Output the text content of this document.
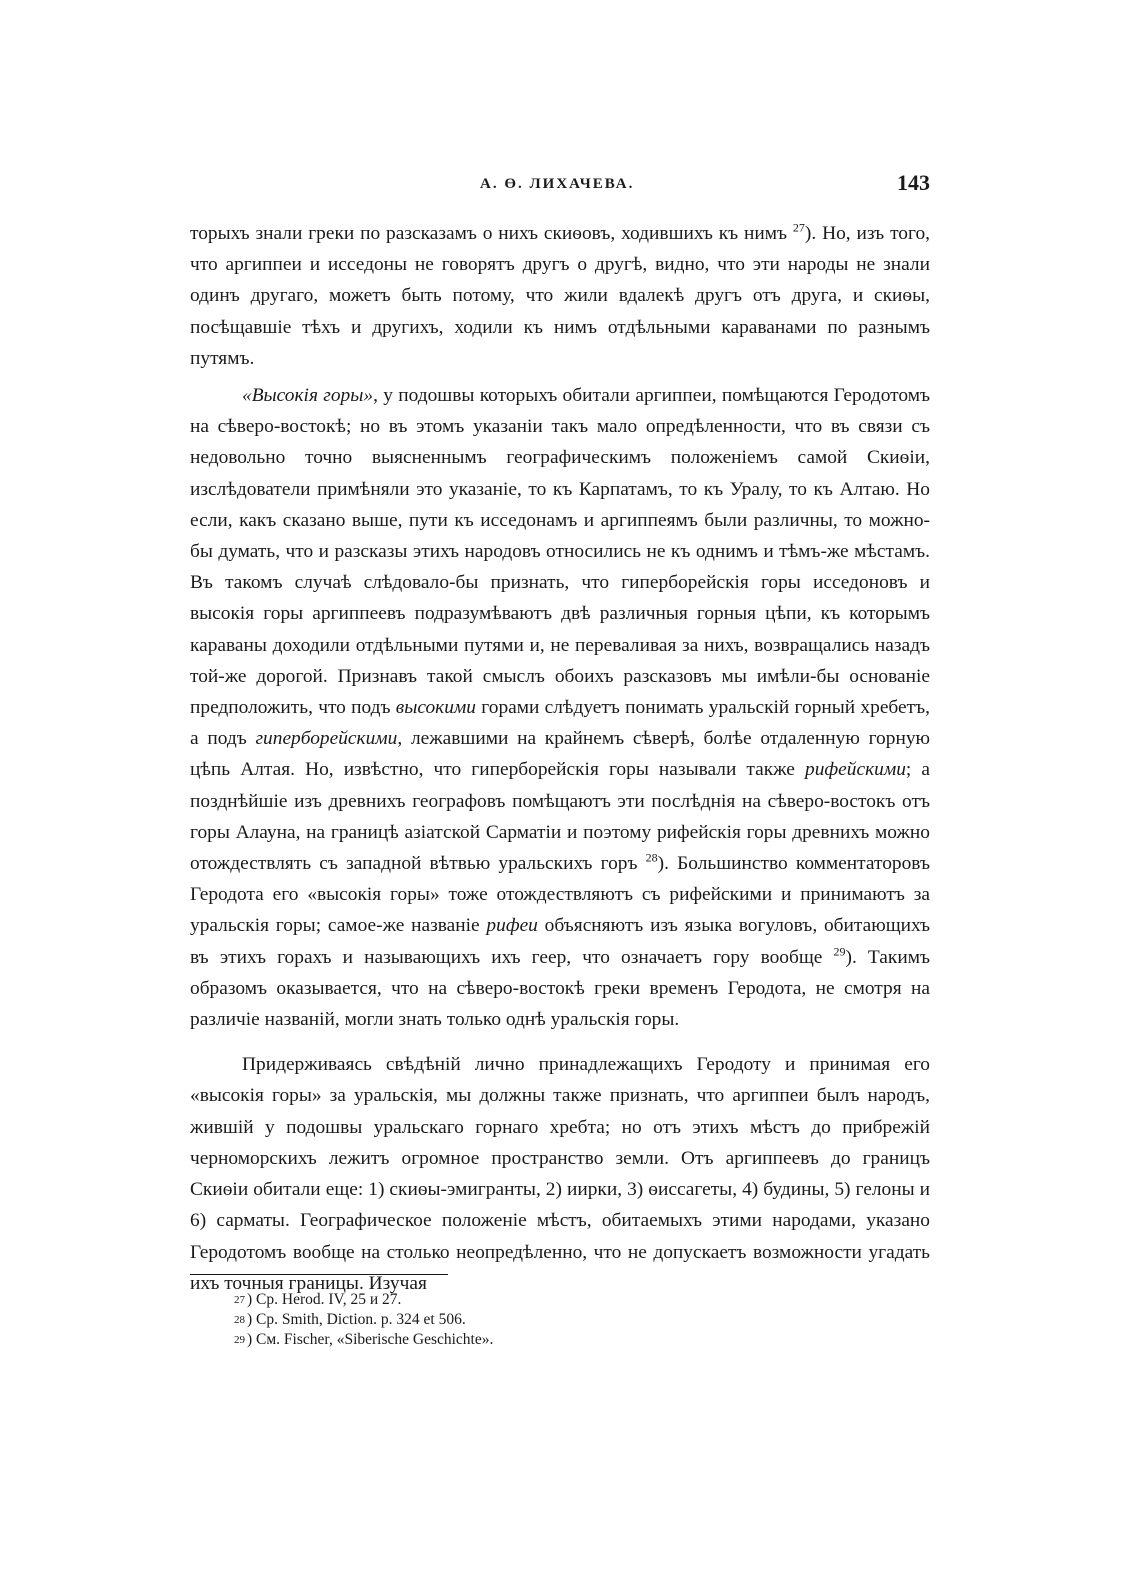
А. Ө. ЛИХАЧЕВА.	143

торыхъ знали греки по разсказамъ о нихъ скиѳовъ, ходившихъ къ нимъ $^{27}$). Но, изъ того, что аргиппеи и исседоны не говорятъ другъ о другѣ, видно, что эти народы не знали одинъ другаго, можетъ быть потому, что жили вдалекѣ другъ отъ друга, и скиѳы, посѣщавшіе тѣхъ и другихъ, ходили къ нимъ отдѣльными караванами по разнымъ путямъ.

«Высокія горы», у подошвы которыхъ обитали аргиппеи, помѣщаются Геродотомъ на сѣверо-востокѣ; но въ этомъ указаніи такъ мало опредѣленности, что въ связи съ недовольно точно выясненнымъ географическимъ положеніемъ самой Скиѳіи, изслѣдователи примѣняли это указаніе, то къ Карпатамъ, то къ Уралу, то къ Алтаю. Но если, какъ сказано выше, пути къ исседонамъ и аргиппеямъ были различны, то можно-бы думать, что и разсказы этихъ народовъ относились не къ однимъ и тѣмъ-же мѣстамъ. Въ такомъ случаѣ слѣдовало-бы признать, что гиперборейскія горы исседоновъ и высокія горы аргиппеевъ подразумѣваютъ двѣ различныя горныя цѣпи, къ которымъ караваны доходили отдѣльными путями и, не переваливая за нихъ, возвращались назадъ той-же дорогой. Признавъ такой смыслъ обоихъ разсказовъ мы имѣли-бы основаніе предположить, что подъ высокими горами слѣдуетъ понимать уральскій горный хребетъ, а подъ гиперборейскими, лежавшими на крайнемъ сѣверѣ, болѣе отдаленную горную цѣпь Алтая. Но, извѣстно, что гиперборейскія горы называли также рифейскими; а позднѣйшіе изъ древнихъ географовъ помѣщаютъ эти послѣднія на сѣверо-востокъ отъ горы Алауна, на границѣ азіатской Сарматіи и поэтому рифейскія горы древнихъ можно отождествлять съ западной вѣтвью уральскихъ горъ $^{28}$). Большинство комментаторовъ Геродота его «высокія горы» тоже отождествляютъ съ рифейскими и принимаютъ за уральскія горы; самое-же названіе рифеи объясняютъ изъ языка вогуловъ, обитающихъ въ этихъ горахъ и называющихъ ихъ геер, что означаетъ гору вообще $^{29}$). Такимъ образомъ оказывается, что на сѣверо-востокѣ греки временъ Геродота, не смотря на различіе названій, могли знать только однѣ уральскія горы.

Придерживаясь свѣдѣній лично принадлежащихъ Геродоту и принимая его «высокія горы» за уральскія, мы должны также признать, что аргиппеи былъ народъ, жившій у подошвы уральскаго горнаго хребта; но отъ этихъ мѣстъ до прибрежій черноморскихъ лежитъ огромное пространство земли. Отъ аргиппеевъ до границъ Скиѳіи обитали еще: 1) скиѳы-эмигранты, 2) иирки, 3) ѳиссагеты, 4) будины, 5) гелоны и 6) сарматы. Географическое положеніе мѣстъ, обитаемыхъ этими народами, указано Геродотомъ вообще на столько неопредѣленно, что не допускаетъ возможности угадать ихъ точныя границы. Изучая

$^{27}$ ) Ср. Herod. IV, 25 и 27.
$^{28}$ ) Cp. Smith, Diction. p. 324 et 506.
$^{29}$ ) См. Fischer, «Siberische Geschichte».
